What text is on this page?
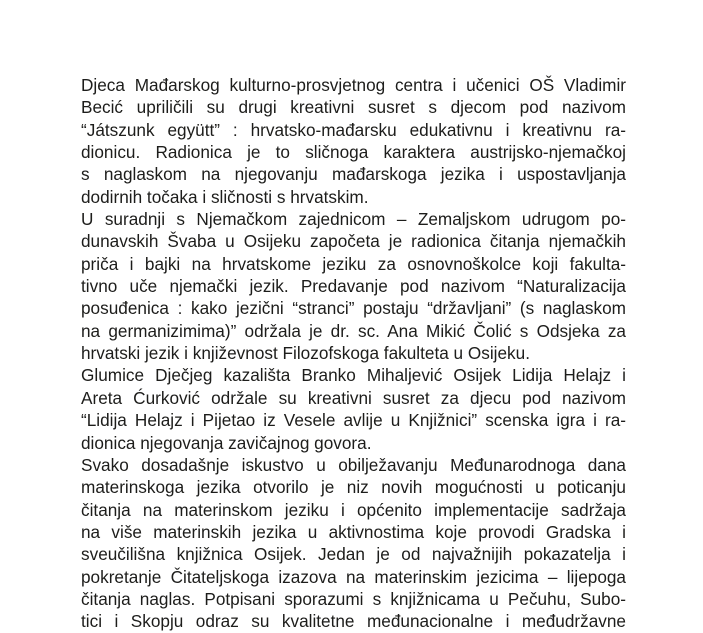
Djeca Mađarskog kulturno-prosvjetnog centra i učenici OŠ Vladimir
Becić upriličili su drugi kreativni susret s djecom pod nazivom
“Játszunk együtt” : hrvatsko-mađarsku edukativnu i kreativnu ra-
dionicu. Radionica je to sličnoga karaktera austrijsko-njemačkoj
s naglaskom na njegovanju mađarskoga jezika i uspostavljanja
dodirnih točaka i sličnosti s hrvatskim.
U suradnji s Njemačkom zajednicom – Zemaljskom udrugom po-
dunavskih Švaba u Osijeku započeta je radionica čitanja njemačkih
priča i bajki na hrvatskome jeziku za osnovnoškolce koji fakulta-
tivno uče njemački jezik. Predavanje pod nazivom “Naturalizacija
posuđenica : kako jezični “stranci” postaju “državljani” (s naglaskom
na germanizimima)” održala je dr. sc. Ana Mikić Čolić s Odsjeka za
hrvatski jezik i književnost Filozofskoga fakulteta u Osijeku.
Glumice Dječjeg kazališta Branko Mihaljević Osijek Lidija Helajz i
Areta Ćurković održale su kreativni susret za djecu pod nazivom
“Lidija Helajz i Pijetao iz Vesele avlije u Knjižnici” scenska igra i ra-
dionica njegovanja zavičajnog govora.
Svako dosadašnje iskustvo u obilježavanju Međunarodnoga dana
materinskoga jezika otvorilo je niz novih mogućnosti u poticanju
čitanja na materinskom jeziku i općenito implementacije sadržaja
na više materinskih jezika u aktivnostima koje provodi Gradska i
sveučilišna knjižnica Osijek. Jedan je od najvažnijih pokazatelja i
pokretanje Čitateljskoga izazova na materinskim jezicima – lijepoga
čitanja naglas. Potpisani sporazumi s knjižnicama u Pečuhu, Subo-
tici i Skopju odraz su kvalitetne međunacionalne i međudržavne
